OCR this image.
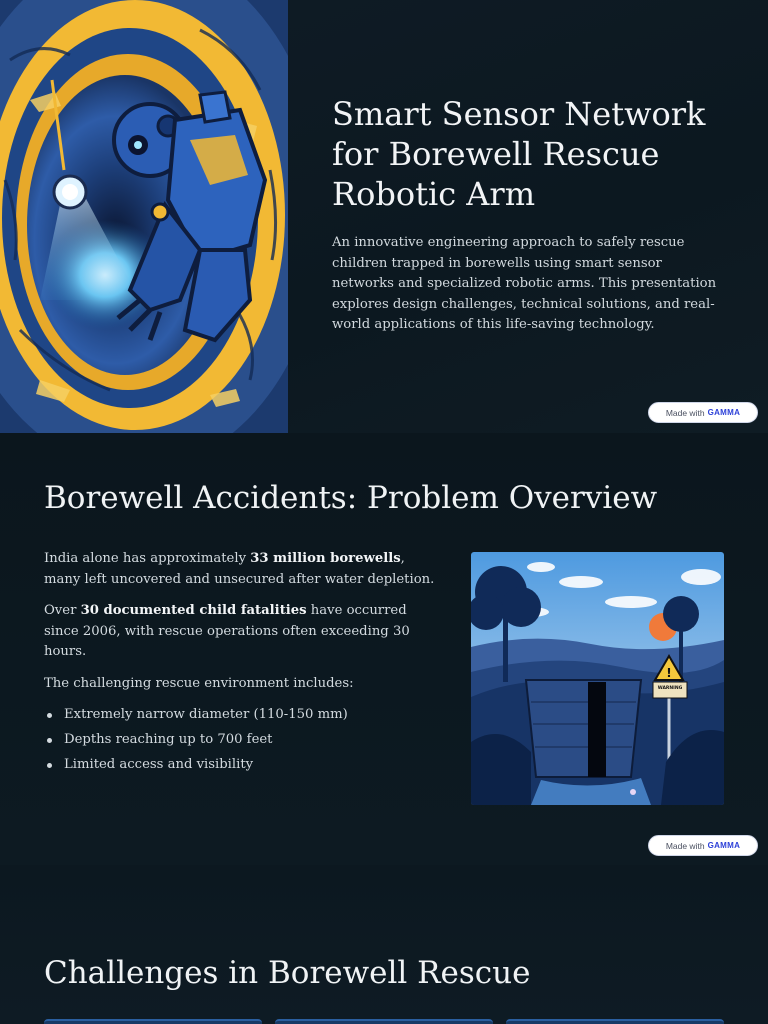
Smart Sensor Network for Borewell Rescue Robotic Arm

An innovative engineering approach to safely rescue children trapped in borewells using smart sensor networks and specialized robotic arms. This presentation explores design challenges, technical solutions, and real-world applications of this life-saving technology.

Made with GAMMA
Borewell Accidents: Problem Overview

India alone has approximately 33 million borewells, many left uncovered and unsecured after water depletion.

Over 30 documented child fatalities have occurred since 2006, with rescue operations often exceeding 30 hours.

The challenging rescue environment includes:

Extremely narrow diameter (110-150 mm)
Depths reaching up to 700 feet
Limited access and visibility
!
WARNING
Made with GAMMA
Challenges in Borewell Rescue
